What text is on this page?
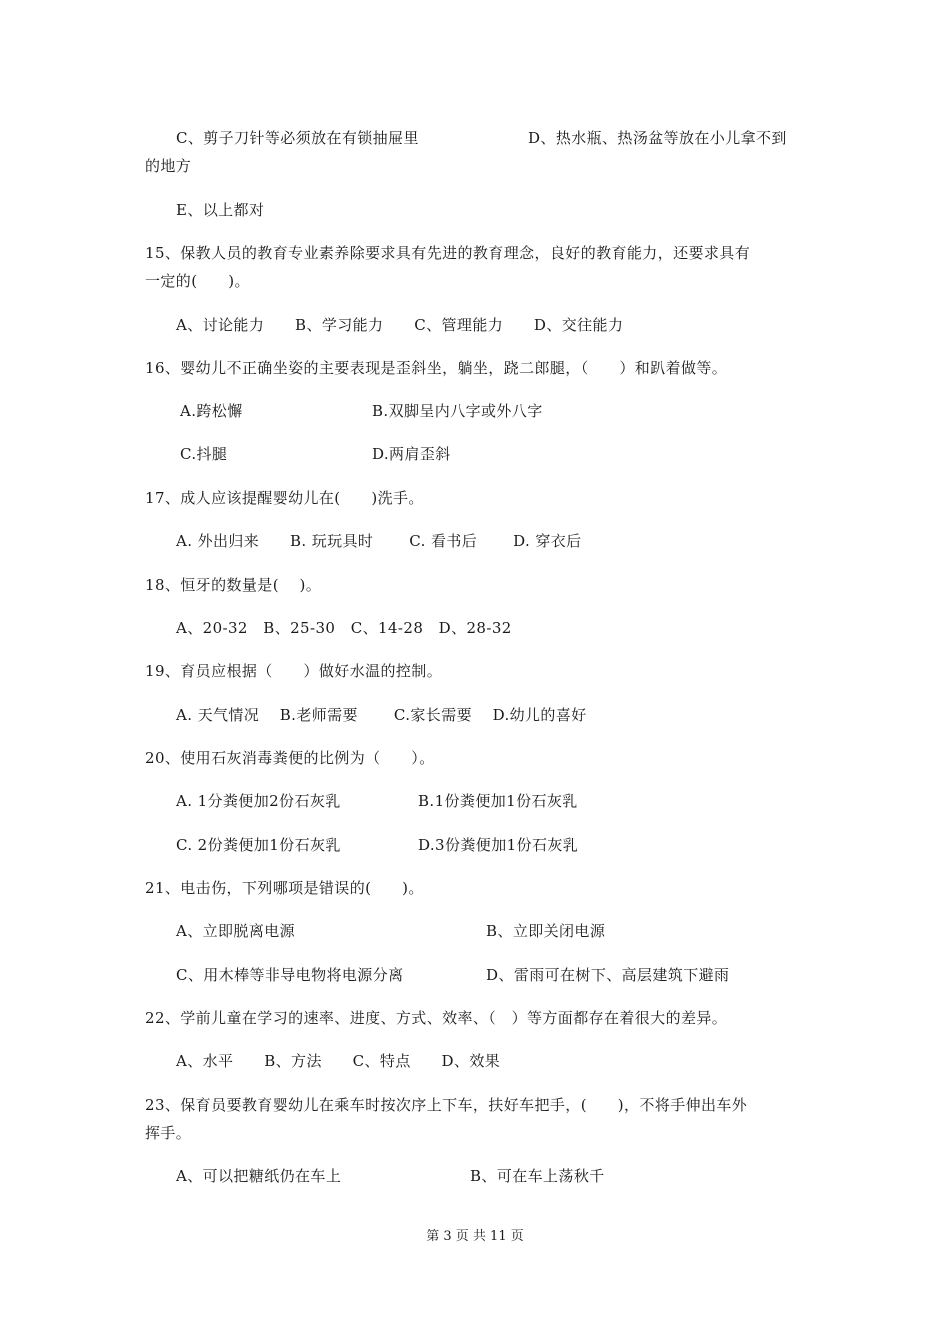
C、剪子刀针等必须放在有锁抽屉里	D、热水瓶、热汤盆等放在小儿拿不到
的地方
E、以上都对
15、保教人员的教育专业素养除要求具有先进的教育理念，良好的教育能力，还要求具有
一定的(　　)。
A、讨论能力　　B、学习能力　　C、管理能力　　D、交往能力
16、婴幼儿不正确坐姿的主要表现是歪斜坐，躺坐，跷二郎腿，（　　）和趴着做等。
A.跨松懈	B.双脚呈内八字或外八字
C.抖腿	D.两肩歪斜
17、成人应该提醒婴幼儿在(　　)洗手。
A. 外出归来　　B. 玩玩具时　　 C. 看书后　　 D. 穿衣后
18、恒牙的数量是(　 )。
A、20-32　B、25-30　C、14-28　D、28-32
19、育员应根据（　　）做好水温的控制。
A. 天气情况　 B.老师需要　 　C.家长需要　 D.幼儿的喜好
20、使用石灰消毒粪便的比例为（　　）。
A. 1分粪便加2份石灰乳	B.1份粪便加1份石灰乳
C. 2份粪便加1份石灰乳	D.3份粪便加1份石灰乳
21、电击伤，下列哪项是错误的(　　)。
A、立即脱离电源	B、立即关闭电源
C、用木棒等非导电物将电源分离	D、雷雨可在树下、高层建筑下避雨
22、学前儿童在学习的速率、进度、方式、效率、（　）等方面都存在着很大的差异。
A、水平　　B、方法　　C、特点　　D、效果
23、保育员要教育婴幼儿在乘车时按次序上下车，扶好车把手，(　　)，不将手伸出车外
挥手。
A、可以把糖纸仍在车上	B、可在车上荡秋千
第 3 页 共 11 页
